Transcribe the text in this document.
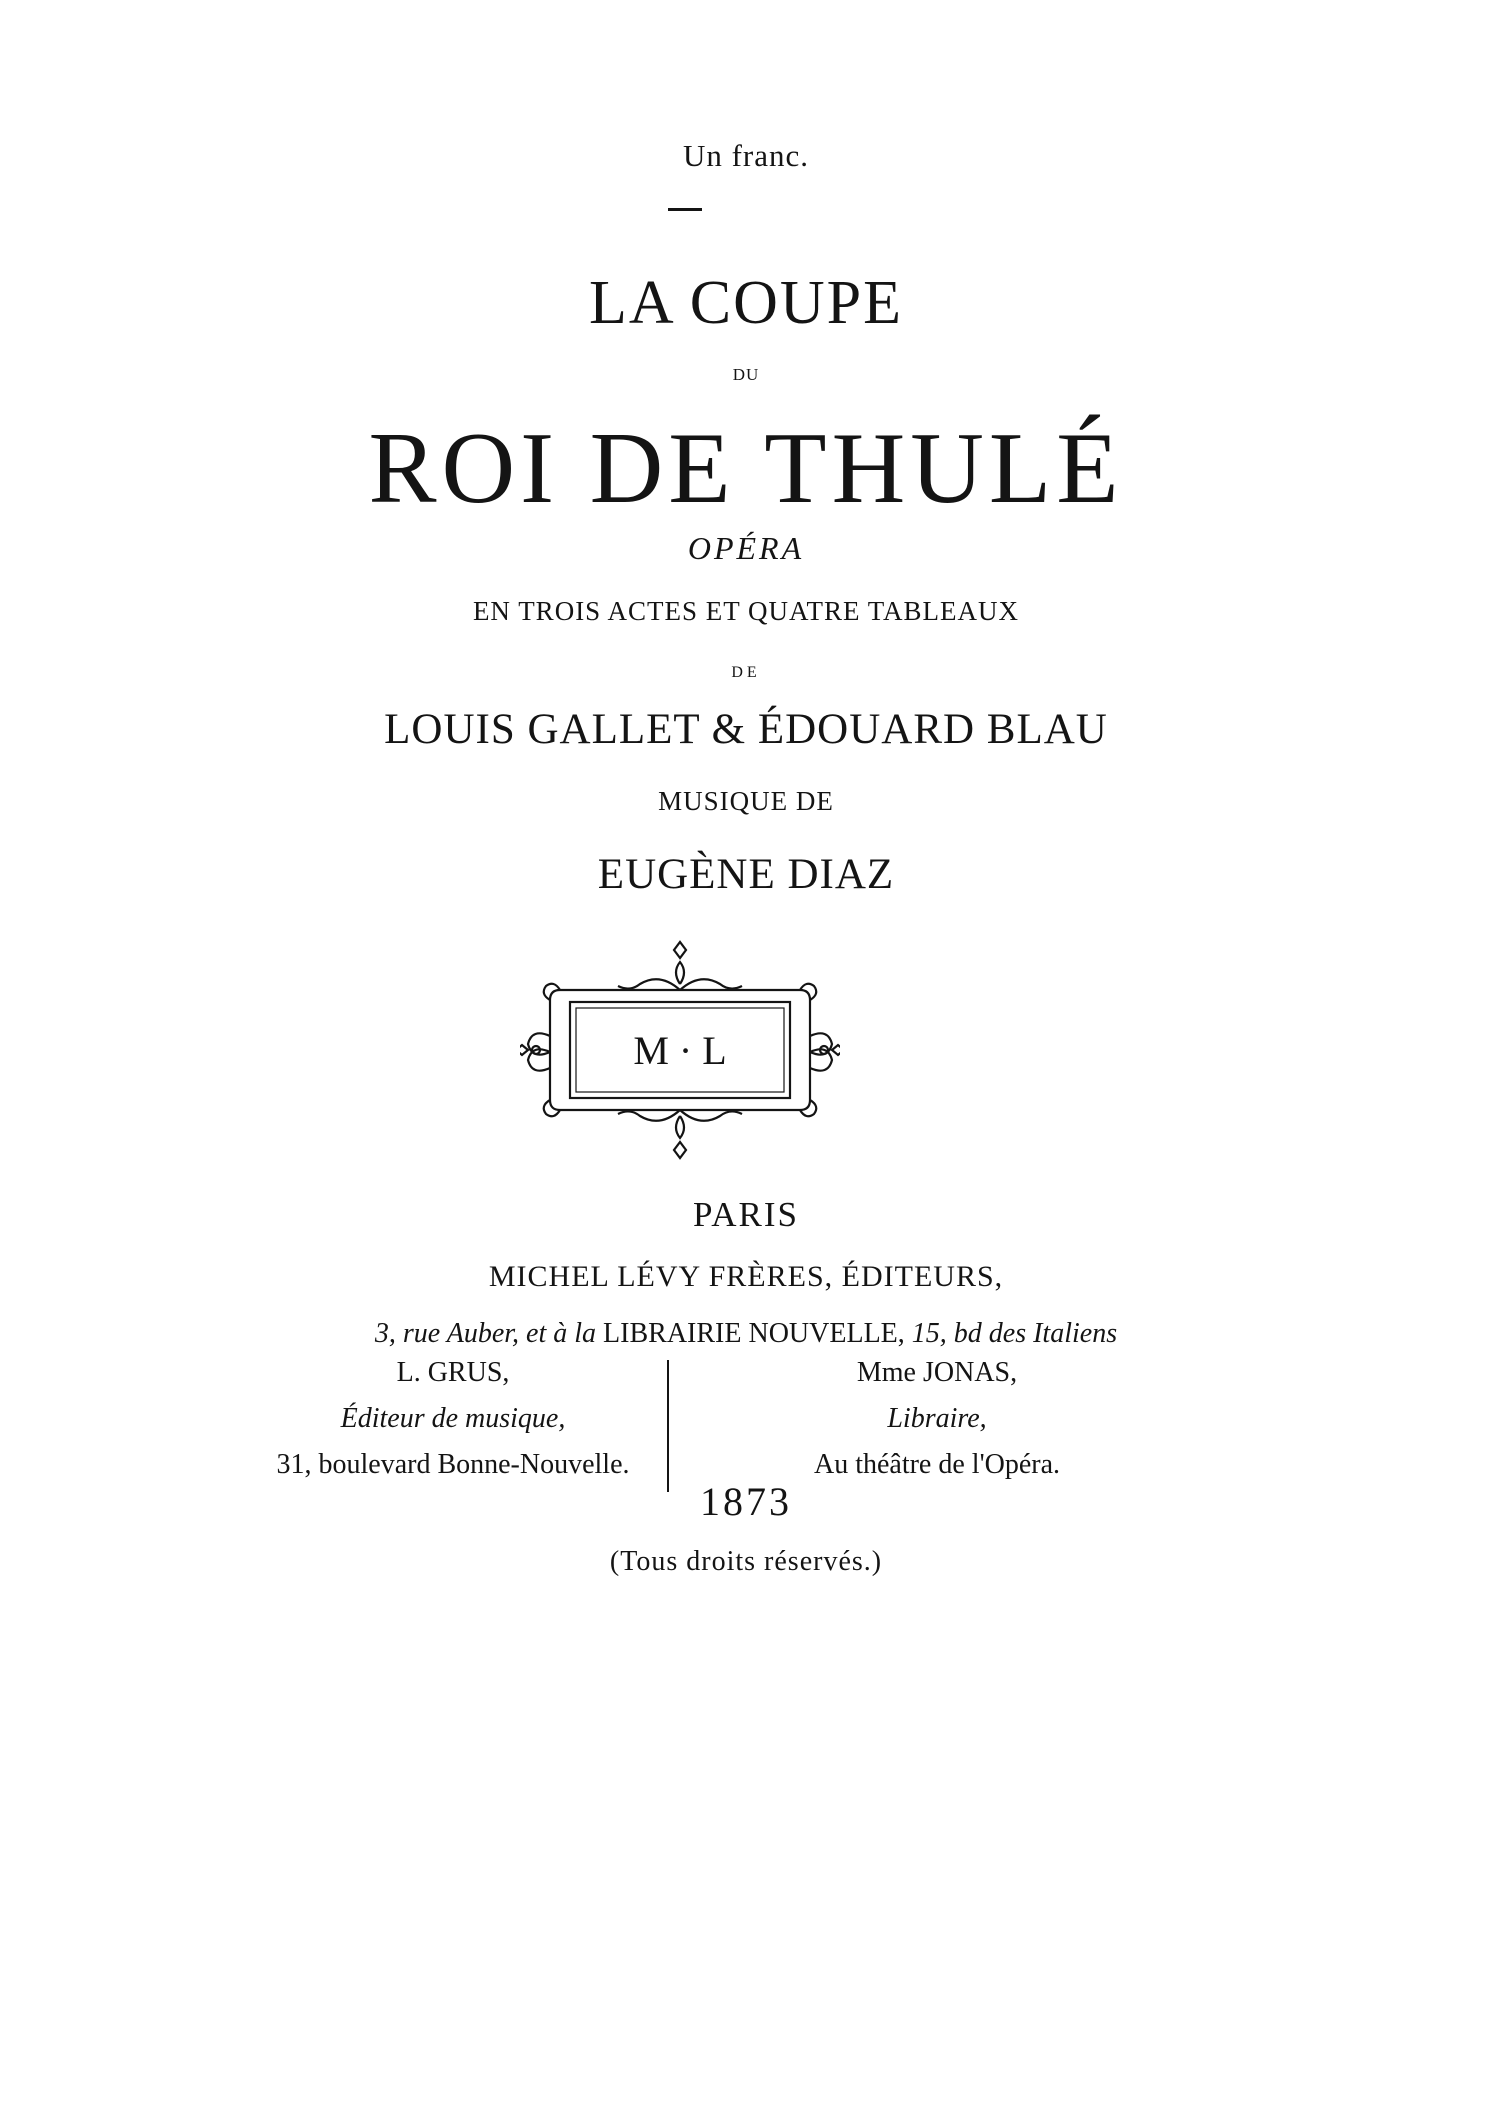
Un franc.
LA COUPE
DU
ROI DE THULÉ
OPÉRA
EN TROIS ACTES ET QUATRE TABLEAUX
DE
LOUIS GALLET & ÉDOUARD BLAU
MUSIQUE DE
EUGÈNE DIAZ
M · L
PARIS
MICHEL LÉVY FRÈRES, ÉDITEURS,
3, rue Auber, et à la LIBRAIRIE NOUVELLE, 15, bd des Italiens
L. GRUS,
Éditeur de musique,
31, boulevard Bonne-Nouvelle.
Mme JONAS,
Libraire,
Au théâtre de l'Opéra.
1873
(Tous droits réservés.)
